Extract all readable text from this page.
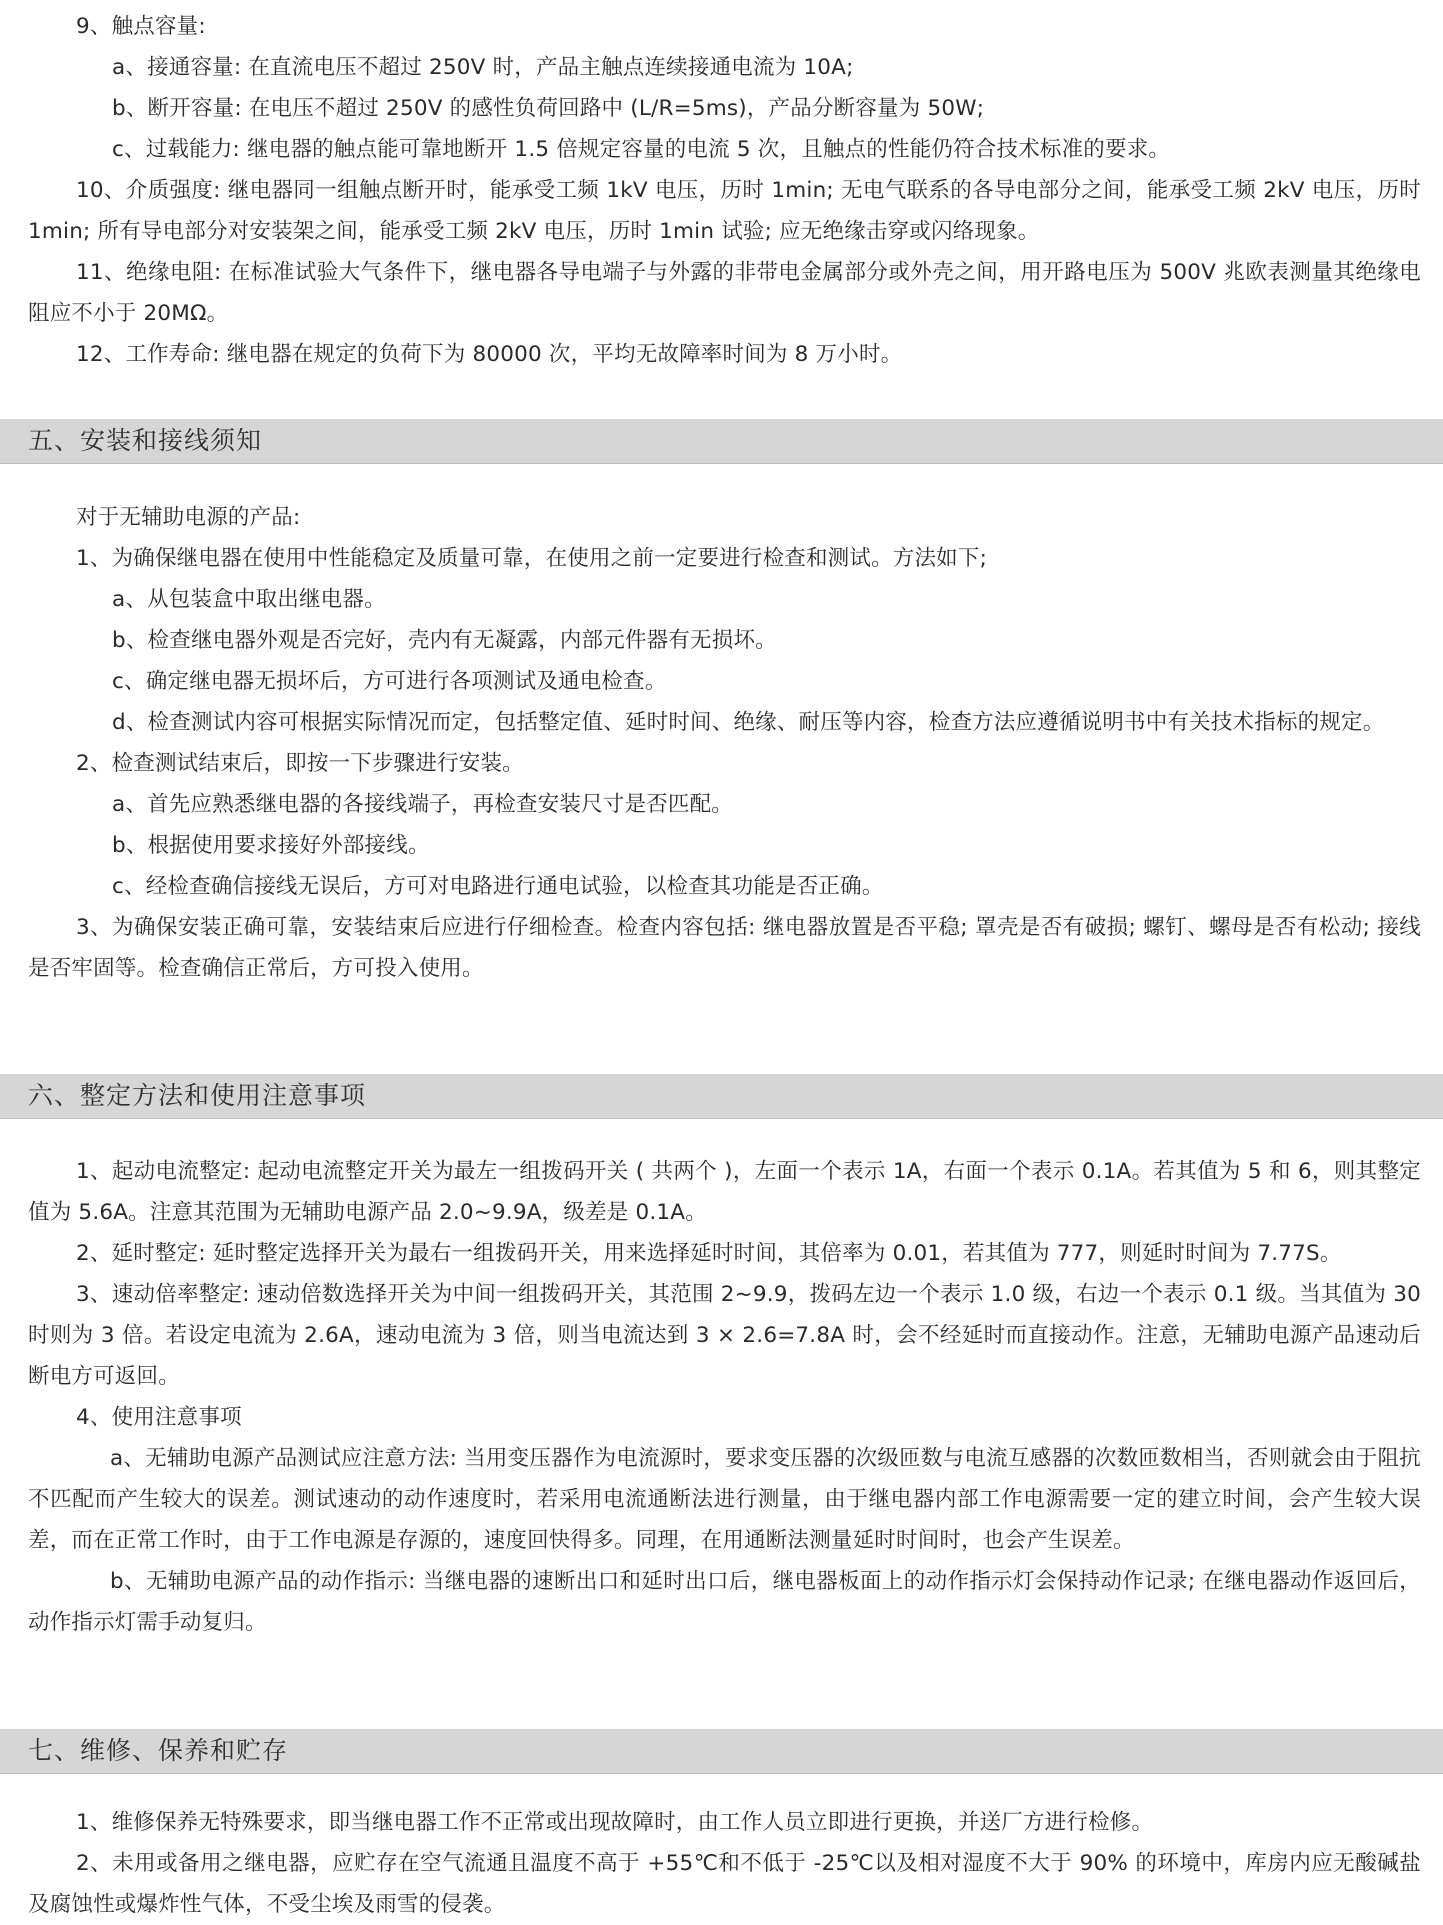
9、触点容量:

a、接通容量: 在直流电压不超过 250V 时，产品主触点连续接通电流为 10A;

b、断开容量: 在电压不超过 250V 的感性负荷回路中 (L/R=5ms)，产品分断容量为 50W;

c、过载能力: 继电器的触点能可靠地断开 1.5 倍规定容量的电流 5 次，且触点的性能仍符合技术标准的要求。

10、介质强度: 继电器同一组触点断开时，能承受工频 1kV 电压，历时 1min; 无电气联系的各导电部分之间，能承受工频 2kV 电压，历时 1min; 所有导电部分对安装架之间，能承受工频 2kV 电压，历时 1min 试验; 应无绝缘击穿或闪络现象。

11、绝缘电阻: 在标准试验大气条件下，继电器各导电端子与外露的非带电金属部分或外壳之间，用开路电压为 500V 兆欧表测量其绝缘电阻应不小于 20MΩ。

12、工作寿命: 继电器在规定的负荷下为 80000 次，平均无故障率时间为 8 万小时。

五、安装和接线须知

对于无辅助电源的产品:

1、为确保继电器在使用中性能稳定及质量可靠，在使用之前一定要进行检查和测试。方法如下;

a、从包装盒中取出继电器。

b、检查继电器外观是否完好，壳内有无凝露，内部元件器有无损坏。

c、确定继电器无损坏后，方可进行各项测试及通电检查。

d、检查测试内容可根据实际情况而定，包括整定值、延时时间、绝缘、耐压等内容，检查方法应遵循说明书中有关技术指标的规定。

2、检查测试结束后，即按一下步骤进行安装。

a、首先应熟悉继电器的各接线端子，再检查安装尺寸是否匹配。

b、根据使用要求接好外部接线。

c、经检查确信接线无误后，方可对电路进行通电试验，以检查其功能是否正确。

3、为确保安装正确可靠，安装结束后应进行仔细检查。检查内容包括: 继电器放置是否平稳; 罩壳是否有破损; 螺钉、螺母是否有松动; 接线是否牢固等。检查确信正常后，方可投入使用。

六、整定方法和使用注意事项

1、起动电流整定: 起动电流整定开关为最左一组拨码开关 ( 共两个 )，左面一个表示 1A，右面一个表示 0.1A。若其值为 5 和 6，则其整定值为 5.6A。注意其范围为无辅助电源产品 2.0~9.9A，级差是 0.1A。

2、延时整定: 延时整定选择开关为最右一组拨码开关，用来选择延时时间，其倍率为 0.01，若其值为 777，则延时时间为 7.77S。

3、速动倍率整定: 速动倍数选择开关为中间一组拨码开关，其范围 2~9.9，拨码左边一个表示 1.0 级，右边一个表示 0.1 级。当其值为 30 时则为 3 倍。若设定电流为 2.6A，速动电流为 3 倍，则当电流达到 3 × 2.6=7.8A 时，会不经延时而直接动作。注意，无辅助电源产品速动后断电方可返回。

4、使用注意事项

a、无辅助电源产品测试应注意方法: 当用变压器作为电流源时，要求变压器的次级匝数与电流互感器的次数匝数相当，否则就会由于阻抗不匹配而产生较大的误差。测试速动的动作速度时，若采用电流通断法进行测量，由于继电器内部工作电源需要一定的建立时间，会产生较大误差，而在正常工作时，由于工作电源是存源的，速度回快得多。同理，在用通断法测量延时时间时，也会产生误差。

b、无辅助电源产品的动作指示: 当继电器的速断出口和延时出口后，继电器板面上的动作指示灯会保持动作记录; 在继电器动作返回后，动作指示灯需手动复归。

七、维修、保养和贮存

1、维修保养无特殊要求，即当继电器工作不正常或出现故障时，由工作人员立即进行更换，并送厂方进行检修。

2、未用或备用之继电器，应贮存在空气流通且温度不高于 +55℃和不低于 -25℃以及相对湿度不大于 90% 的环境中，库房内应无酸碱盐及腐蚀性或爆炸性气体，不受尘埃及雨雪的侵袭。
